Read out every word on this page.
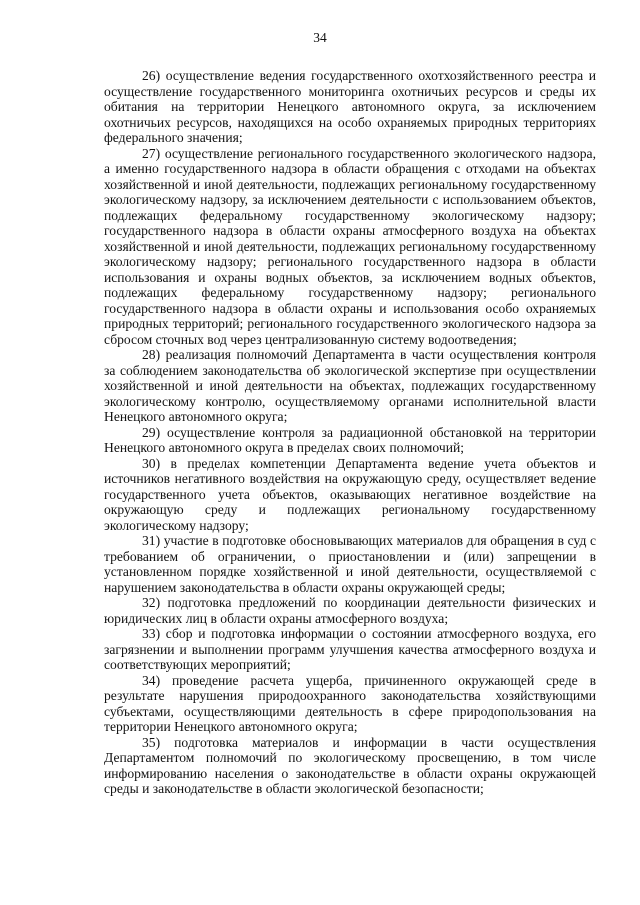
34

26) осуществление ведения государственного охотхозяйственного реестра и осуществление государственного мониторинга охотничьих ресурсов и среды их обитания на территории Ненецкого автономного округа, за исключением охотничьих ресурсов, находящихся на особо охраняемых природных территориях федерального значения;

27) осуществление регионального государственного экологического надзора, а именно государственного надзора в области обращения с отходами на объектах хозяйственной и иной деятельности, подлежащих региональному государственному экологическому надзору, за исключением деятельности с использованием объектов, подлежащих федеральному государственному экологическому надзору; государственного надзора в области охраны атмосферного воздуха на объектах хозяйственной и иной деятельности, подлежащих региональному государственному экологическому надзору; регионального государственного надзора в области использования и охраны водных объектов, за исключением водных объектов, подлежащих федеральному государственному надзору; регионального государственного надзора в области охраны и использования особо охраняемых природных территорий; регионального государственного экологического надзора за сбросом сточных вод через централизованную систему водоотведения;

28) реализация полномочий Департамента в части осуществления контроля за соблюдением законодательства об экологической экспертизе при осуществлении хозяйственной и иной деятельности на объектах, подлежащих государственному экологическому контролю, осуществляемому органами исполнительной власти Ненецкого автономного округа;

29) осуществление контроля за радиационной обстановкой на территории Ненецкого автономного округа в пределах своих полномочий;

30) в пределах компетенции Департамента ведение учета объектов и источников негативного воздействия на окружающую среду, осуществляет ведение государственного учета объектов, оказывающих негативное воздействие на окружающую среду и подлежащих региональному государственному экологическому надзору;

31) участие в подготовке обосновывающих материалов для обращения в суд с требованием об ограничении, о приостановлении и (или) запрещении в установленном порядке хозяйственной и иной деятельности, осуществляемой с нарушением законодательства в области охраны окружающей среды;

32) подготовка предложений по координации деятельности физических и юридических лиц в области охраны атмосферного воздуха;

33) сбор и подготовка информации о состоянии атмосферного воздуха, его загрязнении и выполнении программ улучшения качества атмосферного воздуха и соответствующих мероприятий;

34) проведение расчета ущерба, причиненного окружающей среде в результате нарушения природоохранного законодательства хозяйствующими субъектами, осуществляющими деятельность в сфере природопользования на территории Ненецкого автономного округа;

35) подготовка материалов и информации в части осуществления Департаментом полномочий по экологическому просвещению, в том числе информированию населения о законодательстве в области охраны окружающей среды и законодательстве в области экологической безопасности;
